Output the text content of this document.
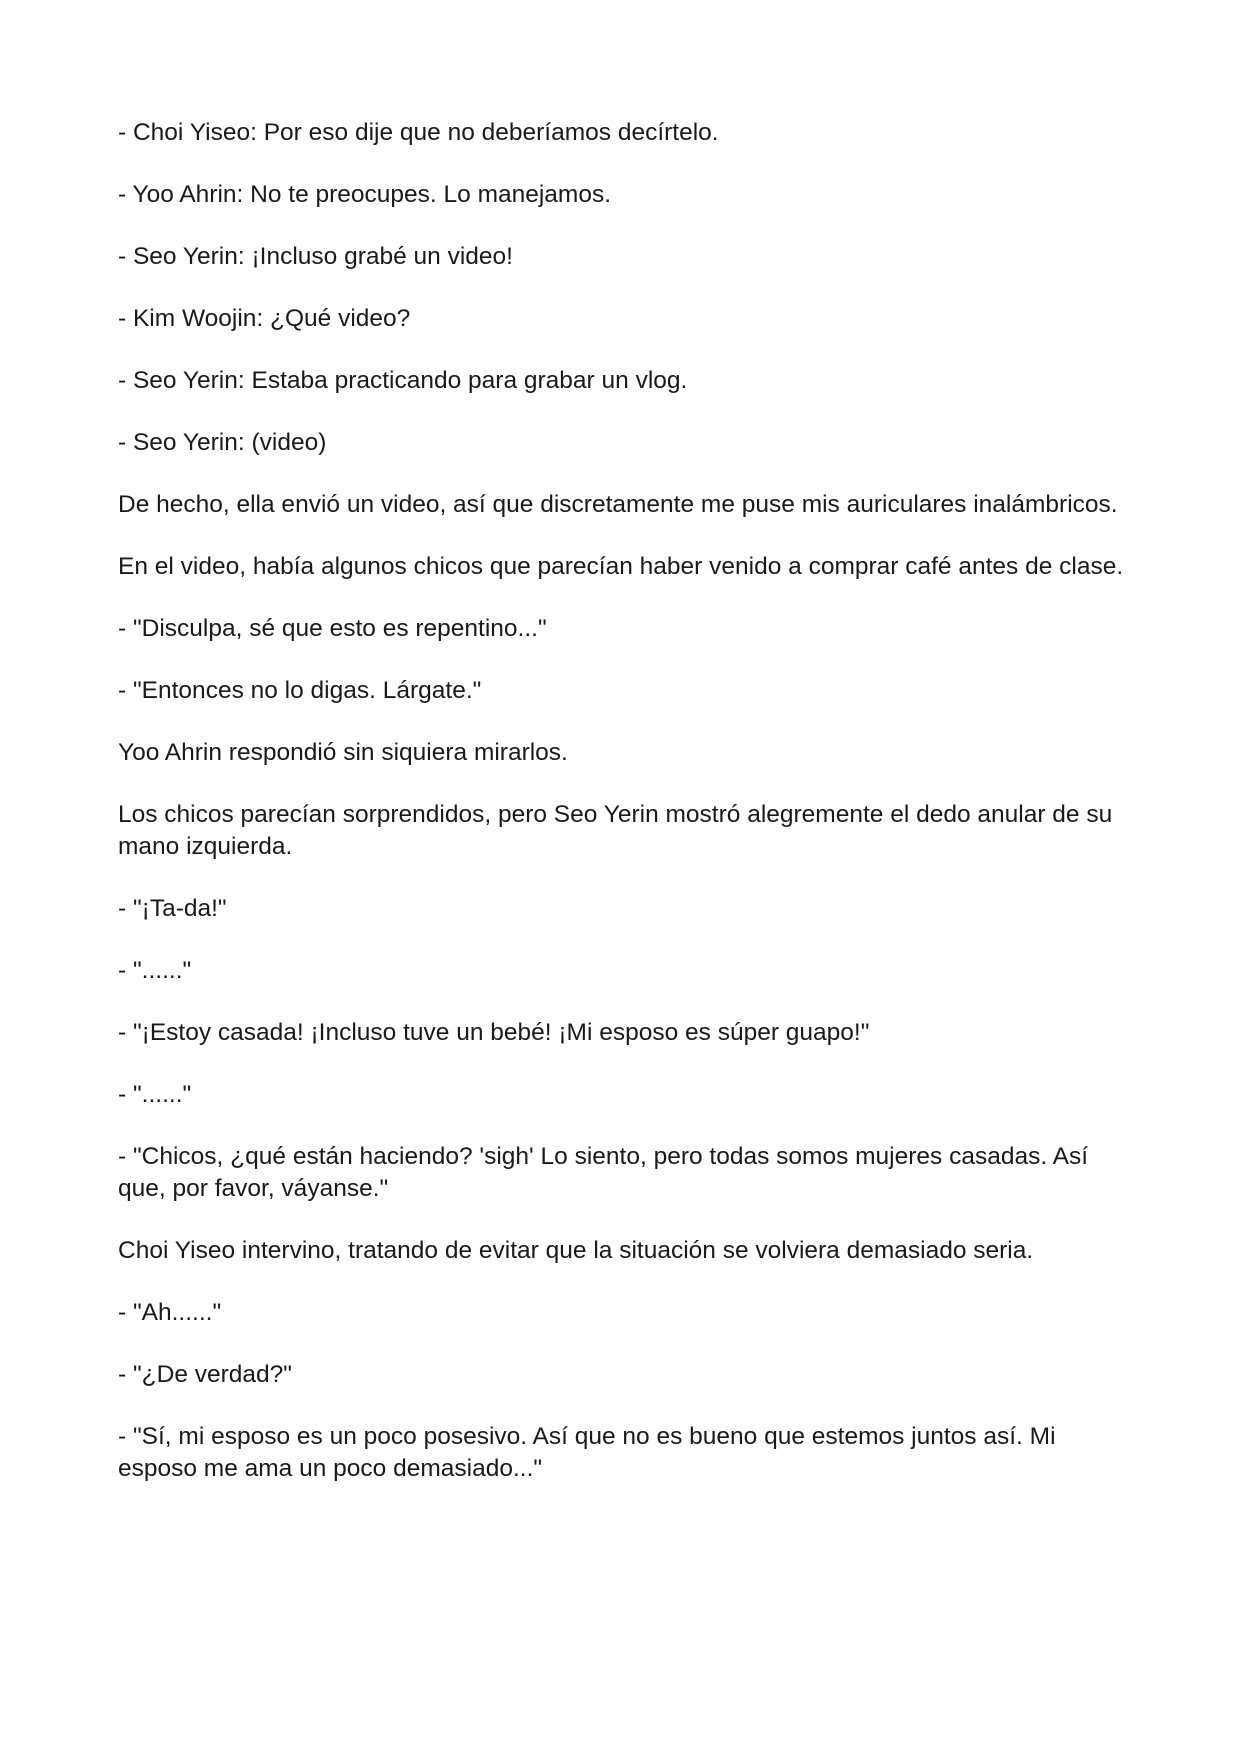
- Choi Yiseo: Por eso dije que no deberíamos decírtelo.

- Yoo Ahrin: No te preocupes. Lo manejamos.

- Seo Yerin: ¡Incluso grabé un video!

- Kim Woojin: ¿Qué video?

- Seo Yerin: Estaba practicando para grabar un vlog.

- Seo Yerin: (video)

De hecho, ella envió un video, así que discretamente me puse mis auriculares inalámbricos.

En el video, había algunos chicos que parecían haber venido a comprar café antes de clase.

- "Disculpa, sé que esto es repentino..."

- "Entonces no lo digas. Lárgate."

Yoo Ahrin respondió sin siquiera mirarlos.

Los chicos parecían sorprendidos, pero Seo Yerin mostró alegremente el dedo anular de su mano izquierda.

- "¡Ta-da!"

- "......"

- "¡Estoy casada! ¡Incluso tuve un bebé! ¡Mi esposo es súper guapo!"

- "......"

- "Chicos, ¿qué están haciendo? 'sigh' Lo siento, pero todas somos mujeres casadas. Así que, por favor, váyanse."

Choi Yiseo intervino, tratando de evitar que la situación se volviera demasiado seria.

- "Ah......"

- "¿De verdad?"

- "Sí, mi esposo es un poco posesivo. Así que no es bueno que estemos juntos así. Mi esposo me ama un poco demasiado..."
